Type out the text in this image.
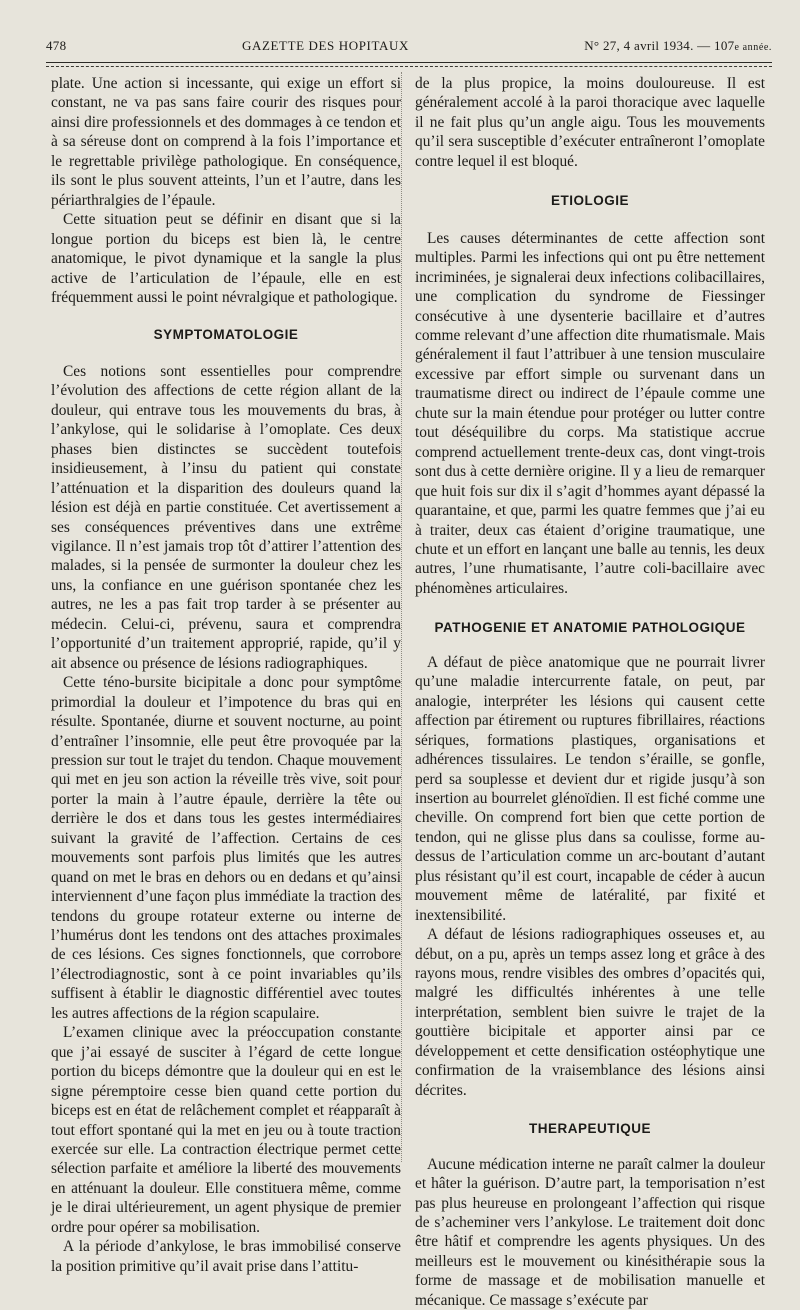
478	GAZETTE DES HOPITAUX	N° 27, 4 avril 1934. — 107e année.

plate. Une action si incessante, qui exige un effort si constant, ne va pas sans faire courir des risques pour ainsi dire professionnels et des dommages à ce tendon et à sa séreuse dont on comprend à la fois l’importance et le regrettable privilège pathologique. En conséquence, ils sont le plus souvent atteints, l’un et l’autre, dans les périarthralgies de l’épaule.

Cette situation peut se définir en disant que si la longue portion du biceps est bien là, le centre anatomique, le pivot dynamique et la sangle la plus active de l’articulation de l’épaule, elle en est fréquemment aussi le point névralgique et pathologique.

SYMPTOMATOLOGIE

Ces notions sont essentielles pour comprendre l’évolution des affections de cette région allant de la douleur, qui entrave tous les mouvements du bras, à l’ankylose, qui le solidarise à l’omoplate. Ces deux phases bien distinctes se succèdent toutefois insidieusement, à l’insu du patient qui constate l’atténuation et la disparition des douleurs quand la lésion est déjà en partie constituée. Cet avertissement a ses conséquences préventives dans une extrême vigilance. Il n’est jamais trop tôt d’attirer l’attention des malades, si la pensée de surmonter la douleur chez les uns, la confiance en une guérison spontanée chez les autres, ne les a pas fait trop tarder à se présenter au médecin. Celui-ci, prévenu, saura et comprendra l’opportunité d’un traitement approprié, rapide, qu’il y ait absence ou présence de lésions radiographiques.

Cette téno-bursite bicipitale a donc pour symptôme primordial la douleur et l’impotence du bras qui en résulte. Spontanée, diurne et souvent nocturne, au point d’entraîner l’insomnie, elle peut être provoquée par la pression sur tout le trajet du tendon. Chaque mouvement qui met en jeu son action la réveille très vive, soit pour porter la main à l’autre épaule, derrière la tête ou derrière le dos et dans tous les gestes intermédiaires suivant la gravité de l’affection. Certains de ces mouvements sont parfois plus limités que les autres quand on met le bras en dehors ou en dedans et qu’ainsi interviennent d’une façon plus immédiate la traction des tendons du groupe rotateur externe ou interne de l’humérus dont les tendons ont des attaches proximales de ces lésions. Ces signes fonctionnels, que corrobore l’électrodiagnostic, sont à ce point invariables qu’ils suffisent à établir le diagnostic différentiel avec toutes les autres affections de la région scapulaire.

L’examen clinique avec la préoccupation constante que j’ai essayé de susciter à l’égard de cette longue portion du biceps démontre que la douleur qui en est le signe péremptoire cesse bien quand cette portion du biceps est en état de relâchement complet et réapparaît à tout effort spontané qui la met en jeu ou à toute traction exercée sur elle. La contraction électrique permet cette sélection parfaite et améliore la liberté des mouvements en atténuant la douleur. Elle constituera même, comme je le dirai ultérieurement, un agent physique de premier ordre pour opérer sa mobilisation.

A la période d’ankylose, le bras immobilisé conserve la position primitive qu’il avait prise dans l’attitu-

de la plus propice, la moins douloureuse. Il est généralement accolé à la paroi thoracique avec laquelle il ne fait plus qu’un angle aigu. Tous les mouvements qu’il sera susceptible d’exécuter entraîneront l’omoplate contre lequel il est bloqué.

ETIOLOGIE

Les causes déterminantes de cette affection sont multiples. Parmi les infections qui ont pu être nettement incriminées, je signalerai deux infections colibacillaires, une complication du syndrome de Fiessinger consécutive à une dysenterie bacillaire et d’autres comme relevant d’une affection dite rhumatismale. Mais généralement il faut l’attribuer à une tension musculaire excessive par effort simple ou survenant dans un traumatisme direct ou indirect de l’épaule comme une chute sur la main étendue pour protéger ou lutter contre tout déséquilibre du corps. Ma statistique accrue comprend actuellement trente-deux cas, dont vingt-trois sont dus à cette dernière origine. Il y a lieu de remarquer que huit fois sur dix il s’agit d’hommes ayant dépassé la quarantaine, et que, parmi les quatre femmes que j’ai eu à traiter, deux cas étaient d’origine traumatique, une chute et un effort en lançant une balle au tennis, les deux autres, l’une rhumatisante, l’autre coli-bacillaire avec phénomènes articulaires.

PATHOGENIE ET ANATOMIE PATHOLOGIQUE

A défaut de pièce anatomique que ne pourrait livrer qu’une maladie intercurrente fatale, on peut, par analogie, interpréter les lésions qui causent cette affection par étirement ou ruptures fibrillaires, réactions sériques, formations plastiques, organisations et adhérences tissulaires. Le tendon s’éraille, se gonfle, perd sa souplesse et devient dur et rigide jusqu’à son insertion au bourrelet glénoïdien. Il est fiché comme une cheville. On comprend fort bien que cette portion de tendon, qui ne glisse plus dans sa coulisse, forme au-dessus de l’articulation comme un arc-boutant d’autant plus résistant qu’il est court, incapable de céder à aucun mouvement même de latéralité, par fixité et inextensibilité.

A défaut de lésions radiographiques osseuses et, au début, on a pu, après un temps assez long et grâce à des rayons mous, rendre visibles des ombres d’opacités qui, malgré les difficultés inhérentes à une telle interprétation, semblent bien suivre le trajet de la gouttière bicipitale et apporter ainsi par ce développement et cette densification ostéophytique une confirmation de la vraisemblance des lésions ainsi décrites.

THERAPEUTIQUE

Aucune médication interne ne paraît calmer la douleur et hâter la guérison. D’autre part, la temporisation n’est pas plus heureuse en prolongeant l’affection qui risque de s’acheminer vers l’ankylose. Le traitement doit donc être hâtif et comprendre les agents physiques. Un des meilleurs est le mouvement ou kinésithérapie sous la forme de massage et de mobilisation manuelle et mécanique. Ce massage s’exécute par
